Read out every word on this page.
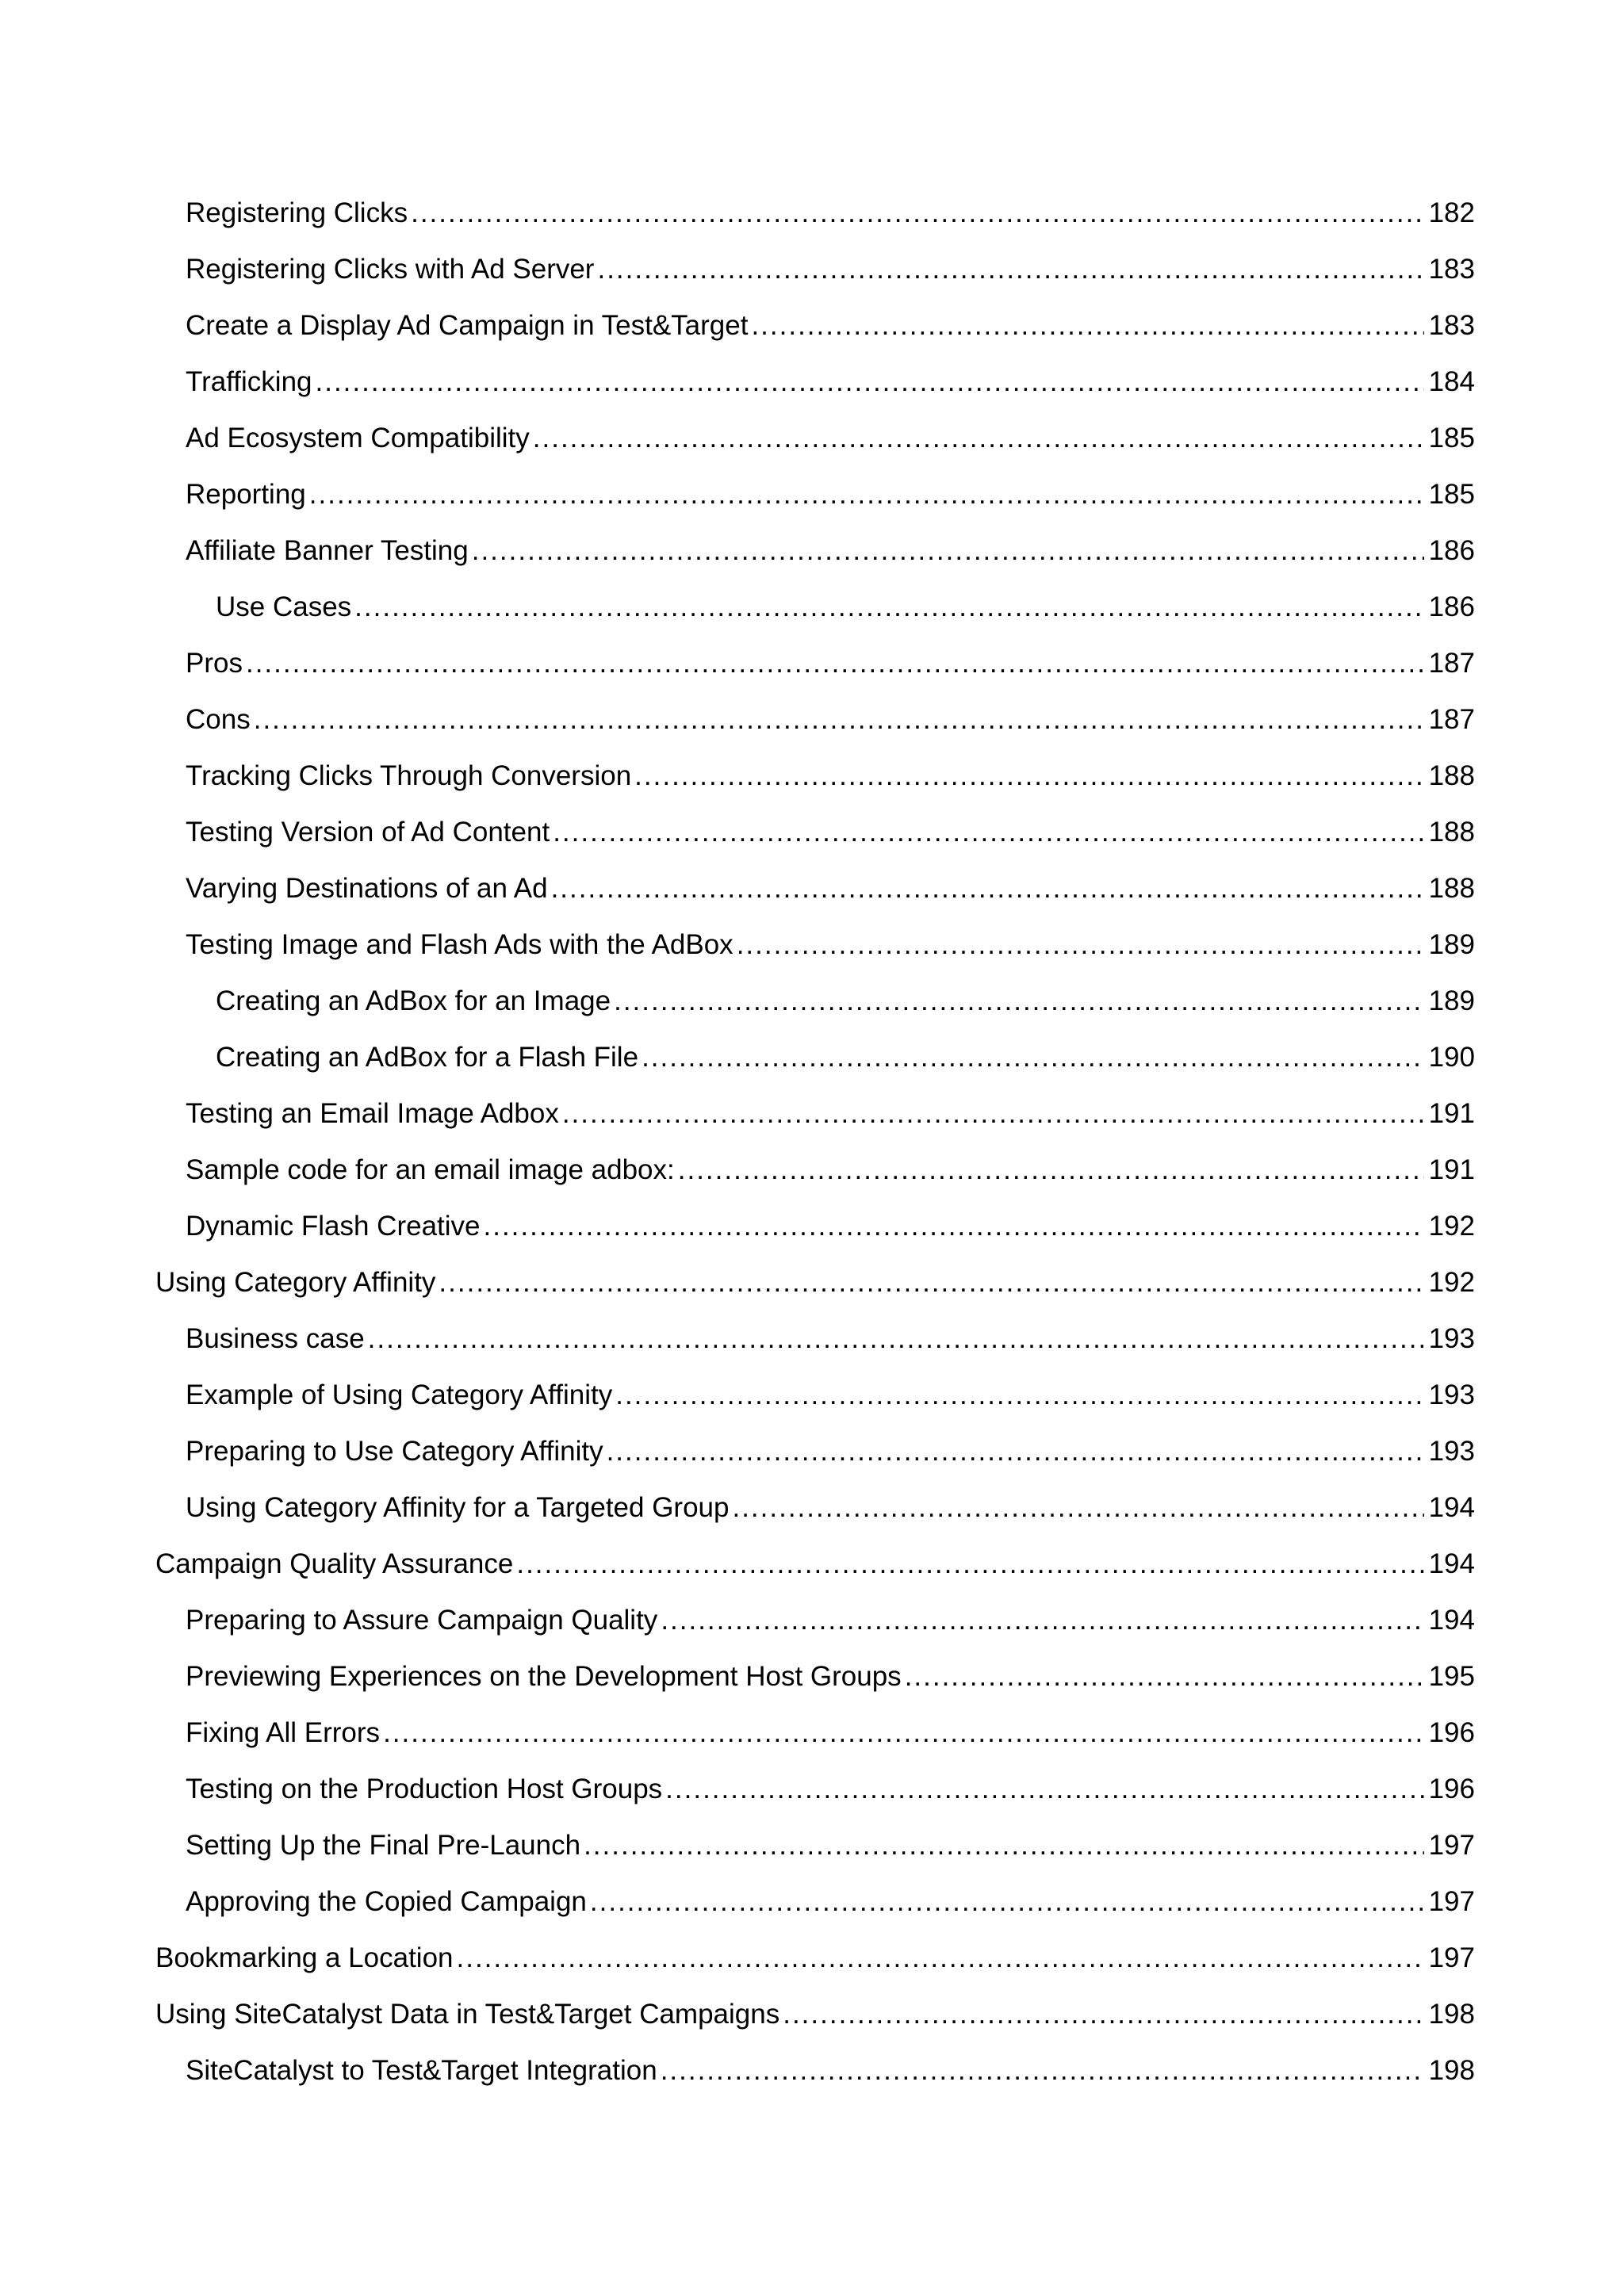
Registering Clicks .....	182
Registering Clicks with Ad Server .....	183
Create a Display Ad Campaign in Test&Target .....	183
Trafficking .....	184
Ad Ecosystem Compatibility .....	185
Reporting .....	185
Affiliate Banner Testing .....	186
Use Cases .....	186
Pros .....	187
Cons .....	187
Tracking Clicks Through Conversion .....	188
Testing Version of Ad Content .....	188
Varying Destinations of an Ad .....	188
Testing Image and Flash Ads with the AdBox .....	189
Creating an AdBox for an Image .....	189
Creating an AdBox for a Flash File .....	190
Testing an Email Image Adbox .....	191
Sample code for an email image adbox: .....	191
Dynamic Flash Creative .....	192
Using Category Affinity .....	192
Business case .....	193
Example of Using Category Affinity .....	193
Preparing to Use Category Affinity .....	193
Using Category Affinity for a Targeted Group .....	194
Campaign Quality Assurance .....	194
Preparing to Assure Campaign Quality .....	194
Previewing Experiences on the Development Host Groups .....	195
Fixing All Errors .....	196
Testing on the Production Host Groups .....	196
Setting Up the Final Pre-Launch .....	197
Approving the Copied Campaign .....	197
Bookmarking a Location .....	197
Using SiteCatalyst Data in Test&Target Campaigns .....	198
SiteCatalyst to Test&Target Integration .....	198
